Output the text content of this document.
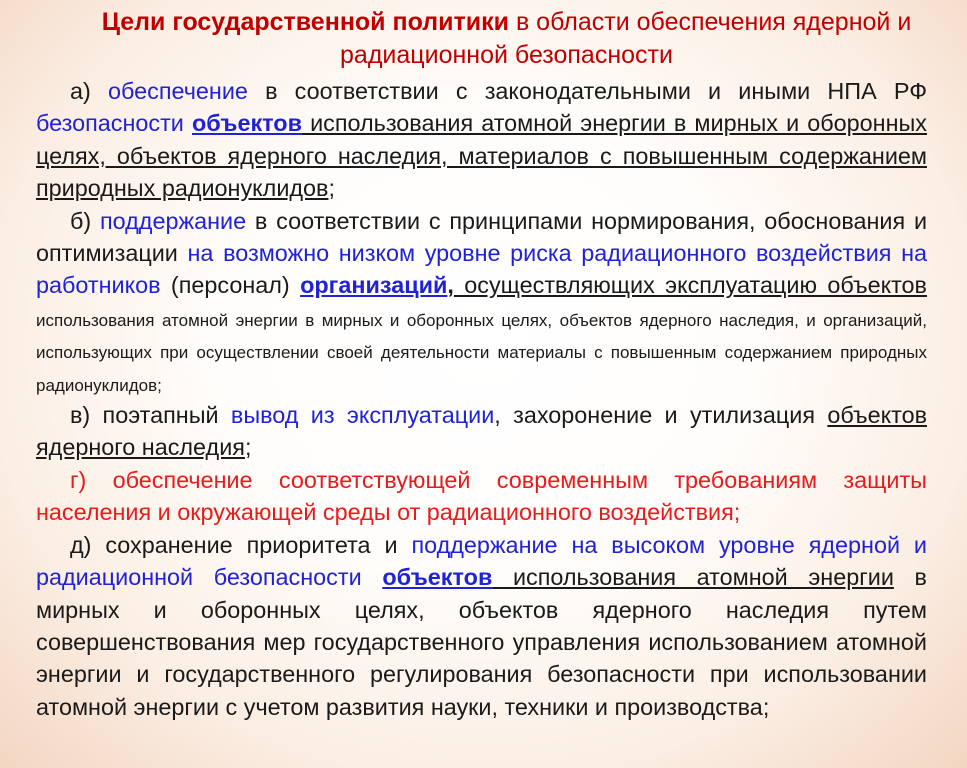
Цели государственной политики в области обеспечения ядерной и радиационной безопасности

а) обеспечение в соответствии с законодательными и иными НПА РФ безопасности объектов использования атомной энергии в мирных и оборонных целях, объектов ядерного наследия, материалов с повышенным содержанием природных радионуклидов;

б) поддержание в соответствии с принципами нормирования, обоснования и оптимизации на возможно низком уровне риска радиационного воздействия на работников (персонал) организаций, осуществляющих эксплуатацию объектов использования атомной энергии в мирных и оборонных целях, объектов ядерного наследия, и организаций, использующих при осуществлении своей деятельности материалы с повышенным содержанием природных радионуклидов;

в) поэтапный вывод из эксплуатации, захоронение и утилизация объектов ядерного наследия;

г) обеспечение соответствующей современным требованиям защиты населения и окружающей среды от радиационного воздействия;

д) сохранение приоритета и поддержание на высоком уровне ядерной и радиационной безопасности объектов использования атомной энергии в мирных и оборонных целях, объектов ядерного наследия путем совершенствования мер государственного управления использованием атомной энергии и государственного регулирования безопасности при использовании атомной энергии с учетом развития науки, техники и производства;
